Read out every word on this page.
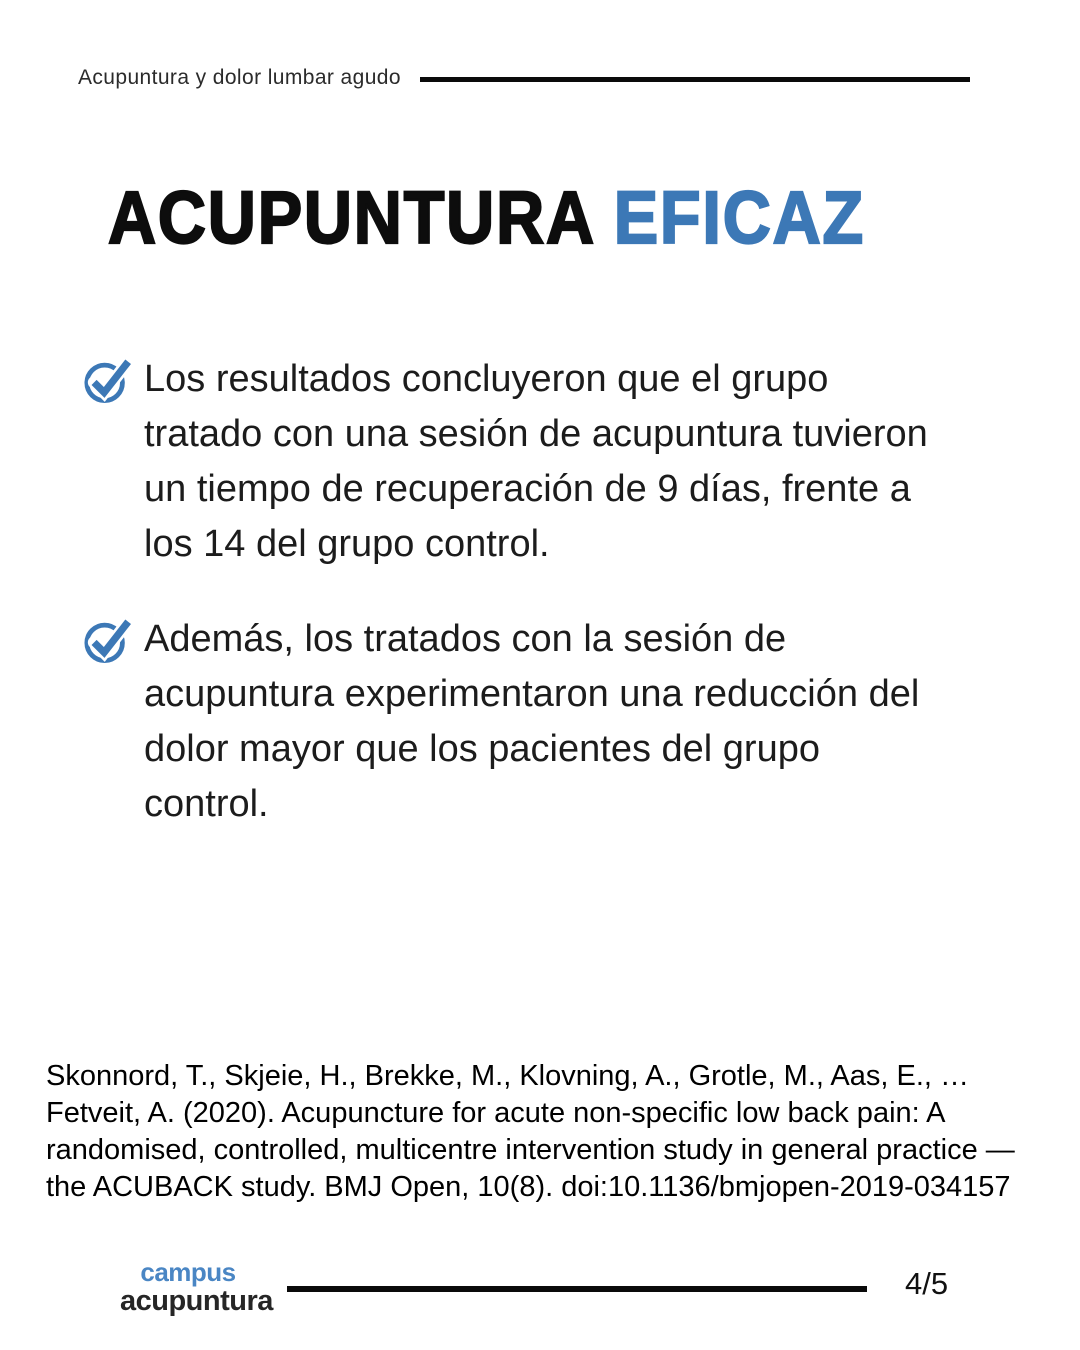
Acupuntura y dolor lumbar agudo
ACUPUNTURA EFICAZ
Los resultados concluyeron que el grupo tratado con una sesión de acupuntura tuvieron un tiempo de recuperación de 9 días, frente a los 14 del grupo control.
Además, los tratados con la sesión de acupuntura experimentaron una reducción del dolor mayor que los pacientes del grupo control.
Skonnord, T., Skjeie, H., Brekke, M., Klovning, A., Grotle, M., Aas, E., … Fetveit, A. (2020). Acupuncture for acute non-specific low back pain: A randomised, controlled, multicentre intervention study in general practice —the ACUBACK study. BMJ Open, 10(8). doi:10.1136/bmjopen-2019-034157
campus
acupuntura	4/5
